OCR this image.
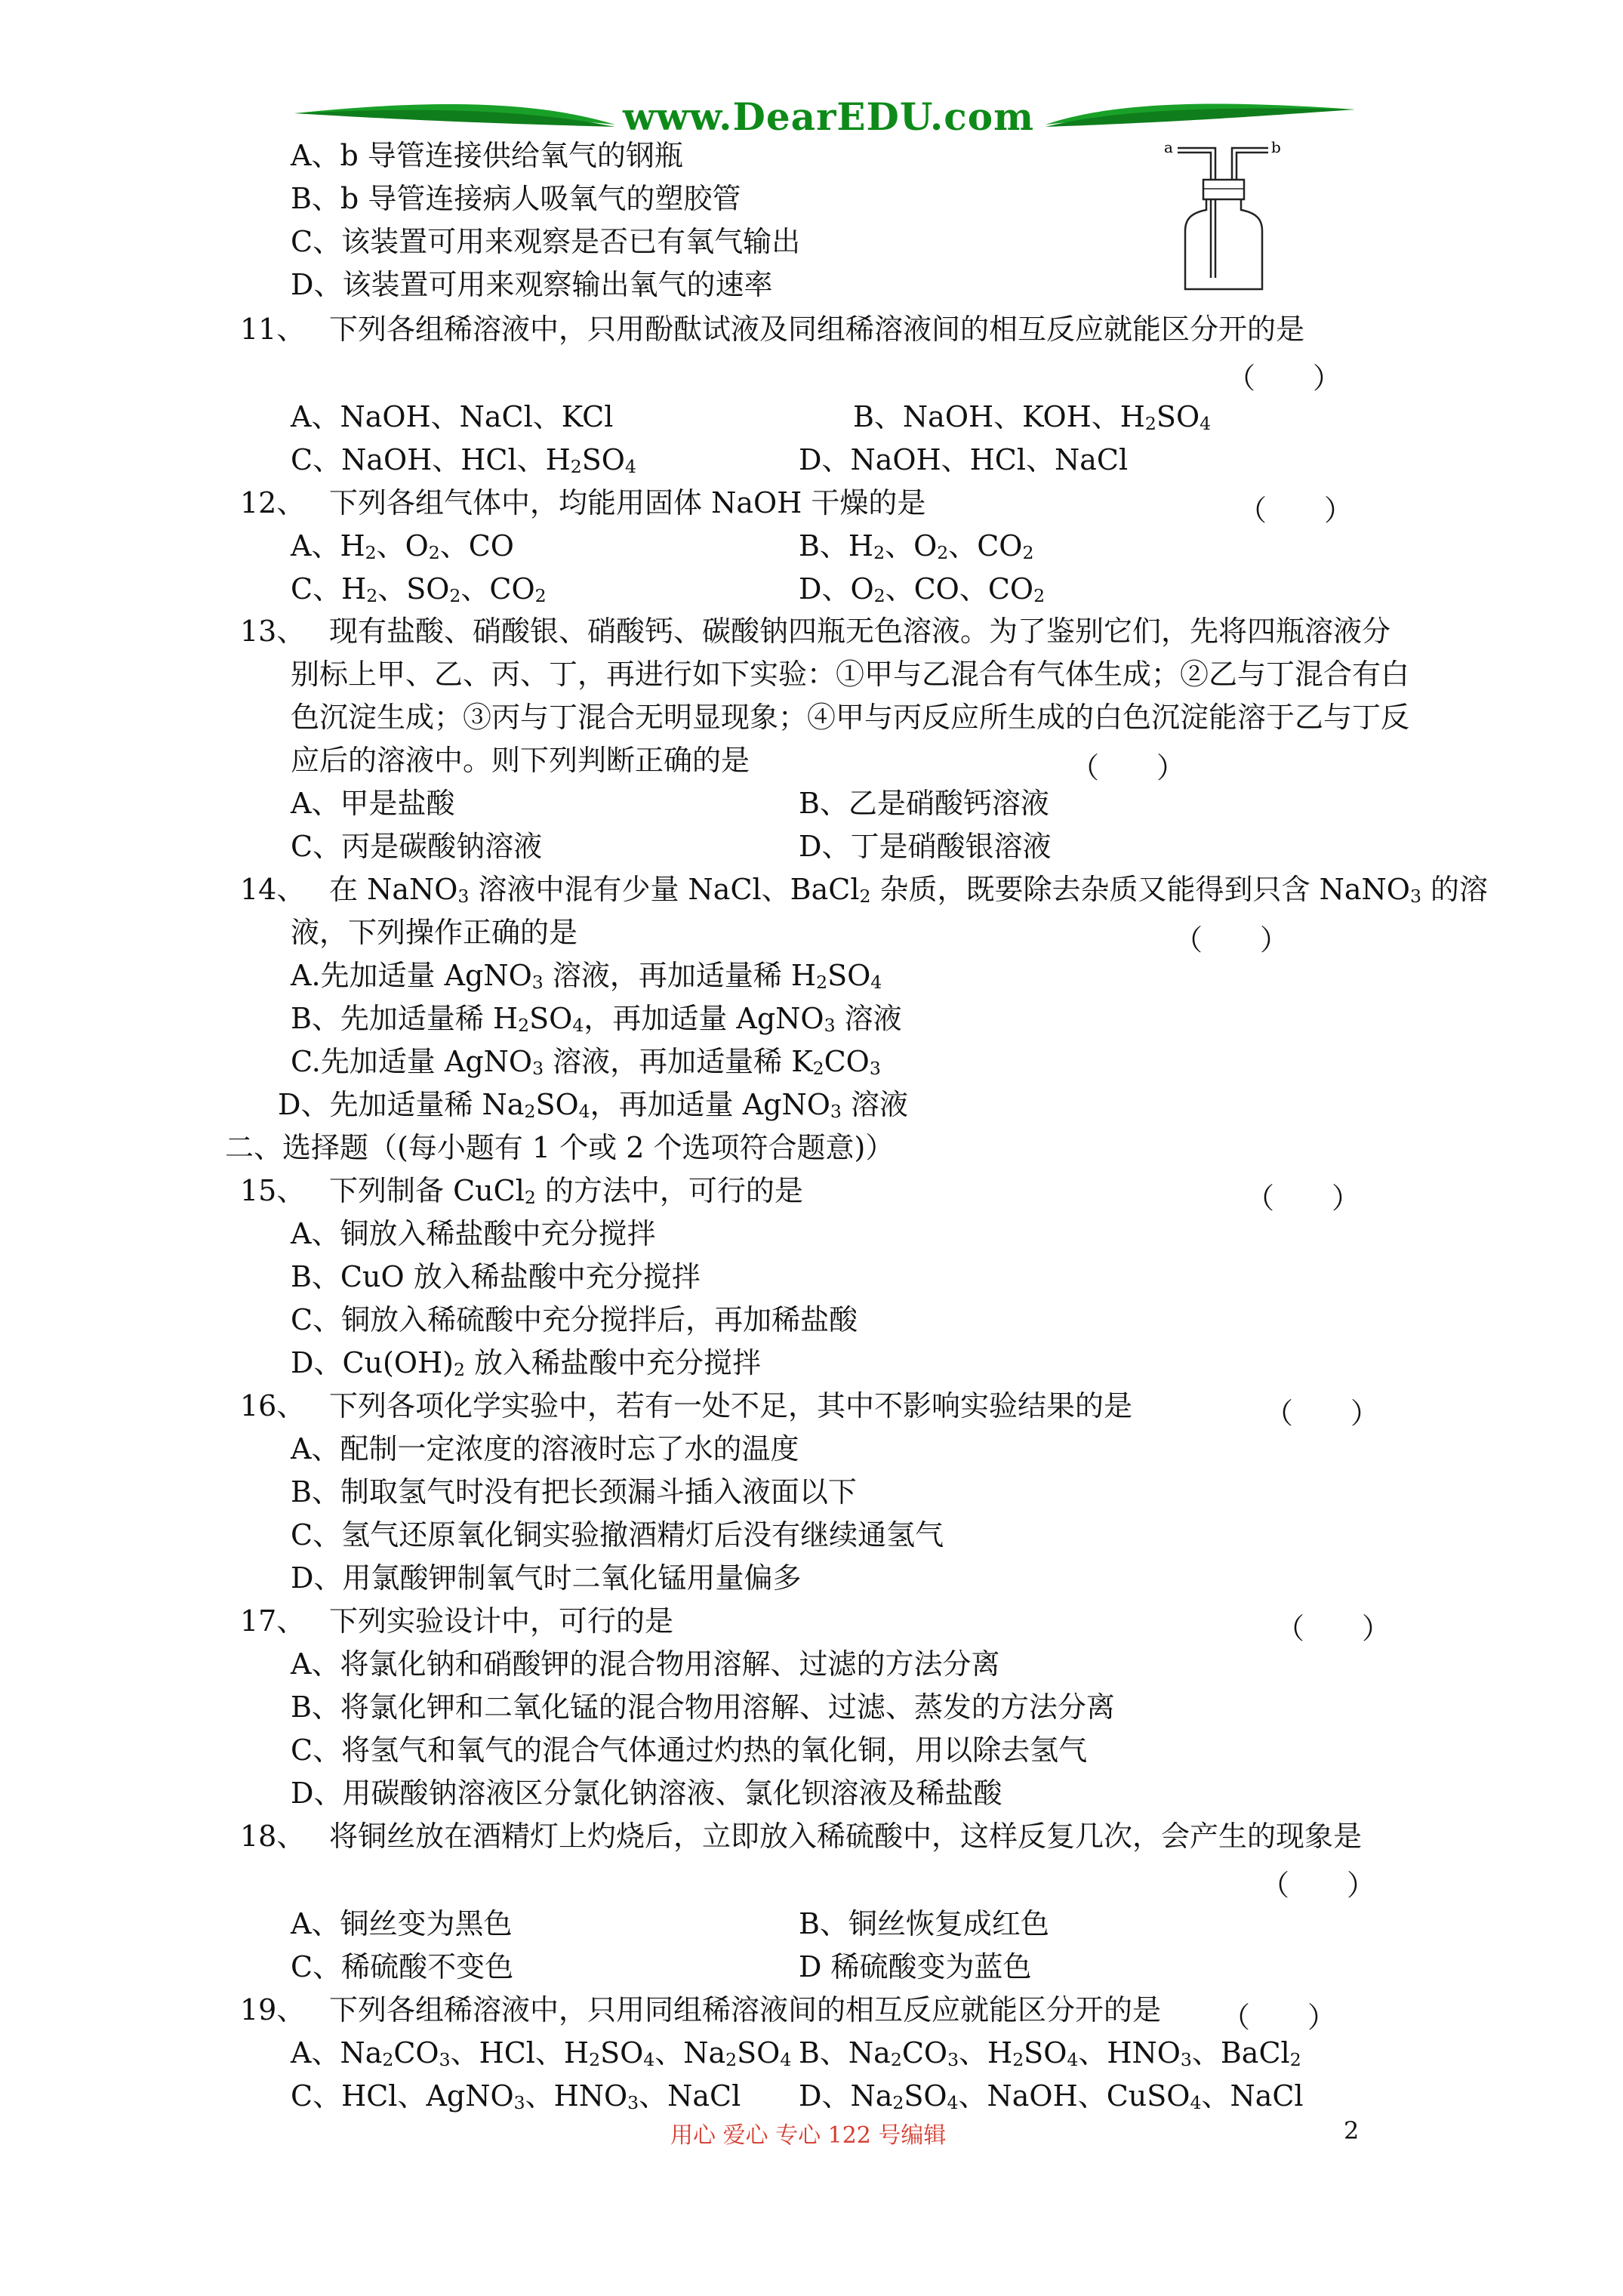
www.DearEDU.com
a	b
A、b 导管连接供给氧气的钢瓶
B、b 导管连接病人吸氧气的塑胶管
C、该装置可用来观察是否已有氧气输出
D、该装置可用来观察输出氧气的速率
11、 下列各组稀溶液中，只用酚酞试液及同组稀溶液间的相互反应就能区分开的是
（　　）
A、NaOH、NaCl、KCl	B、NaOH、KOH、$H_2SO_4$
C、NaOH、HCl、$H_2SO_4$	D、NaOH、HCl、NaCl
12、 下列各组气体中，均能用固体 NaOH 干燥的是	（　　）
A、$H_2$、$O_2$、CO	B、$H_2$、$O_2$、$CO_2$
C、$H_2$、$SO_2$、$CO_2$	D、$O_2$、CO、$CO_2$
13、 现有盐酸、硝酸银、硝酸钙、碳酸钠四瓶无色溶液。为了鉴别它们，先将四瓶溶液分
别标上甲、乙、丙、丁，再进行如下实验：①甲与乙混合有气体生成；②乙与丁混合有白
色沉淀生成；③丙与丁混合无明显现象；④甲与丙反应所生成的白色沉淀能溶于乙与丁反
应后的溶液中。则下列判断正确的是	（　　）
A、甲是盐酸	B、乙是硝酸钙溶液
C、丙是碳酸钠溶液	D、丁是硝酸银溶液
14、 在 NaNO$_3$ 溶液中混有少量 NaCl、BaCl$_2$ 杂质，既要除去杂质又能得到只含 NaNO$_3$ 的溶
液，下列操作正确的是	（　　）
A.先加适量 AgNO$_3$ 溶液，再加适量稀 $H_2SO_4$
B、先加适量稀 $H_2SO_4$，再加适量 AgNO$_3$ 溶液
C.先加适量 AgNO$_3$ 溶液，再加适量稀 $K_2CO_3$
D、先加适量稀 $Na_2SO_4$，再加适量 AgNO$_3$ 溶液
二、选择题（(每小题有 1 个或 2 个选项符合题意)）
15、 下列制备 CuCl$_2$ 的方法中，可行的是	（　　）
A、铜放入稀盐酸中充分搅拌
B、CuO 放入稀盐酸中充分搅拌
C、铜放入稀硫酸中充分搅拌后，再加稀盐酸
D、$Cu(OH)_2$ 放入稀盐酸中充分搅拌
16、 下列各项化学实验中，若有一处不足，其中不影响实验结果的是	（　　）
A、配制一定浓度的溶液时忘了水的温度
B、制取氢气时没有把长颈漏斗插入液面以下
C、氢气还原氧化铜实验撤酒精灯后没有继续通氢气
D、用氯酸钾制氧气时二氧化锰用量偏多
17、 下列实验设计中，可行的是	（　　）
A、将氯化钠和硝酸钾的混合物用溶解、过滤的方法分离
B、将氯化钾和二氧化锰的混合物用溶解、过滤、蒸发的方法分离
C、将氢气和氧气的混合气体通过灼热的氧化铜，用以除去氢气
D、用碳酸钠溶液区分氯化钠溶液、氯化钡溶液及稀盐酸
18、 将铜丝放在酒精灯上灼烧后，立即放入稀硫酸中，这样反复几次，会产生的现象是
（　　）
A、铜丝变为黑色	B、铜丝恢复成红色
C、稀硫酸不变色	D 稀硫酸变为蓝色
19、 下列各组稀溶液中，只用同组稀溶液间的相互反应就能区分开的是 （　　）
A、$Na_2CO_3$、HCl、$H_2SO_4$、$Na_2SO_4$ B、$Na_2CO_3$、$H_2SO_4$、$HNO_3$、BaCl$_2$
C、HCl、AgNO$_3$、$HNO_3$、NaCl D、$Na_2SO_4$、NaOH、CuSO$_4$、NaCl
用心 爱心 专心 122 号编辑	2
